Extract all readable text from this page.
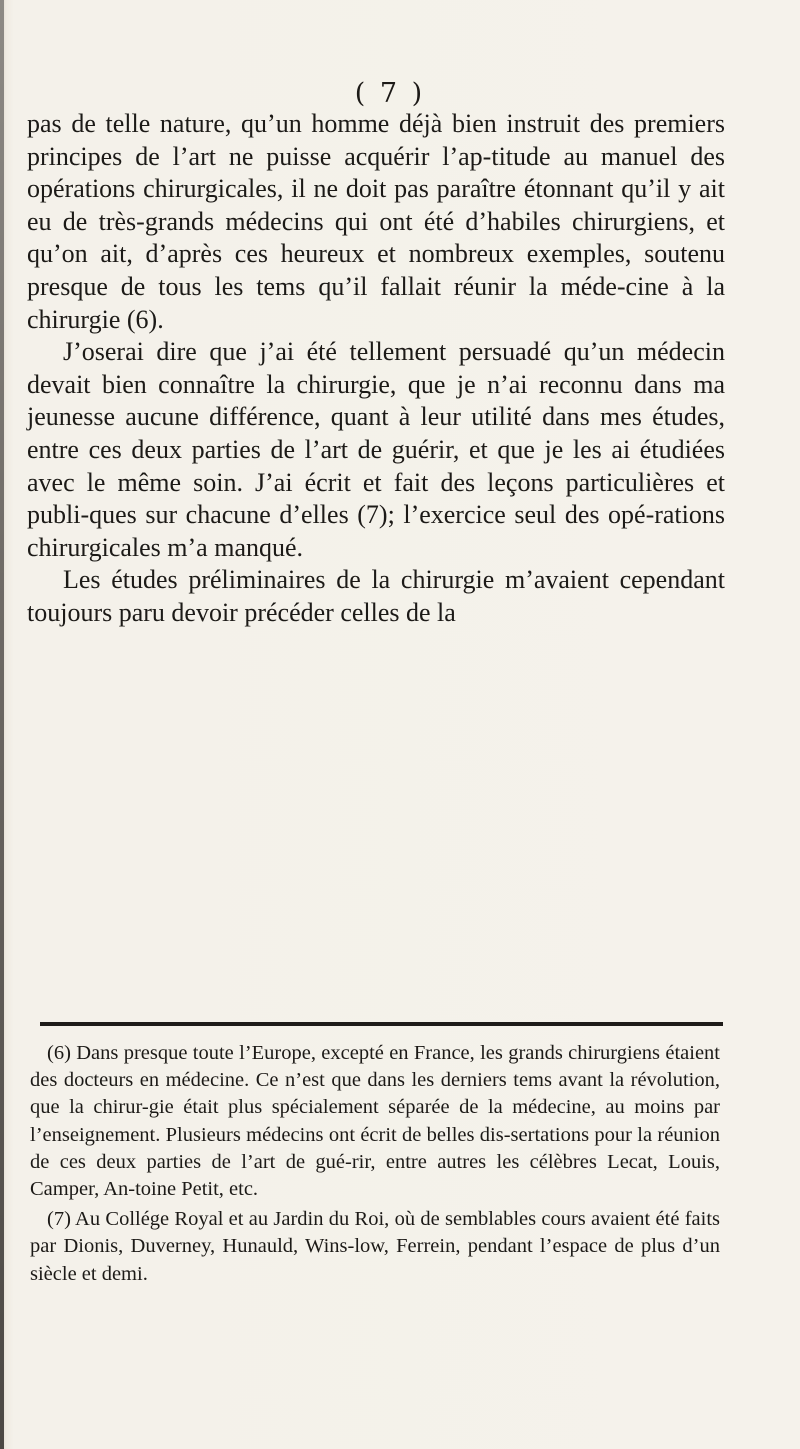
( 7 )

pas de telle nature, qu’un homme déjà bien instruit des premiers principes de l’art ne puisse acquérir l’ap-titude au manuel des opérations chirurgicales, il ne doit pas paraître étonnant qu’il y ait eu de très-grands médecins qui ont été d’habiles chirurgiens, et qu’on ait, d’après ces heureux et nombreux exemples, soutenu presque de tous les tems qu’il fallait réunir la méde-cine à la chirurgie (6).

J’oserai dire que j’ai été tellement persuadé qu’un médecin devait bien connaître la chirurgie, que je n’ai reconnu dans ma jeunesse aucune différence, quant à leur utilité dans mes études, entre ces deux parties de l’art de guérir, et que je les ai étudiées avec le même soin. J’ai écrit et fait des leçons particulières et publi-ques sur chacune d’elles (7); l’exercice seul des opé-rations chirurgicales m’a manqué.

Les études préliminaires de la chirurgie m’avaient cependant toujours paru devoir précéder celles de la

(6) Dans presque toute l’Europe, excepté en France, les grands chirurgiens étaient des docteurs en médecine. Ce n’est que dans les derniers tems avant la révolution, que la chirur-gie était plus spécialement séparée de la médecine, au moins par l’enseignement. Plusieurs médecins ont écrit de belles dis-sertations pour la réunion de ces deux parties de l’art de gué-rir, entre autres les célèbres Lecat, Louis, Camper, An-toine Petit, etc.

(7) Au Collége Royal et au Jardin du Roi, où de semblables cours avaient été faits par Dionis, Duverney, Hunauld, Wins-low, Ferrein, pendant l’espace de plus d’un siècle et demi.
